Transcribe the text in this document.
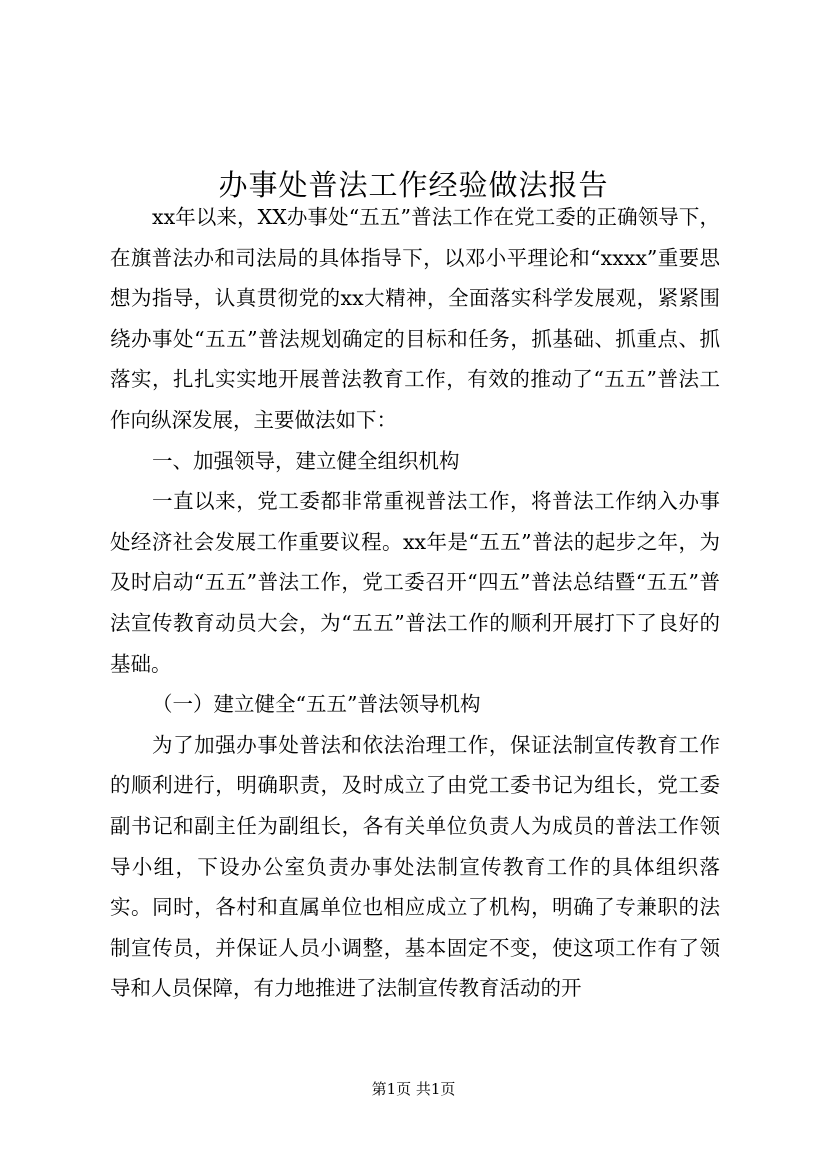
办事处普法工作经验做法报告

xx年以来，XX办事处“五五”普法工作在党工委的正确领导下，在旗普法办和司法局的具体指导下，以邓小平理论和“xxxx”重要思想为指导，认真贯彻党的xx大精神，全面落实科学发展观，紧紧围绕办事处“五五”普法规划确定的目标和任务，抓基础、抓重点、抓落实，扎扎实实地开展普法教育工作，有效的推动了“五五”普法工作向纵深发展，主要做法如下：

一、加强领导，建立健全组织机构

一直以来，党工委都非常重视普法工作，将普法工作纳入办事处经济社会发展工作重要议程。xx年是“五五”普法的起步之年，为及时启动“五五”普法工作，党工委召开“四五”普法总结暨“五五”普法宣传教育动员大会，为“五五”普法工作的顺利开展打下了良好的基础。

（一）建立健全“五五”普法领导机构

为了加强办事处普法和依法治理工作，保证法制宣传教育工作的顺利进行，明确职责，及时成立了由党工委书记为组长，党工委副书记和副主任为副组长，各有关单位负责人为成员的普法工作领导小组，下设办公室负责办事处法制宣传教育工作的具体组织落实。同时，各村和直属单位也相应成立了机构，明确了专兼职的法制宣传员，并保证人员小调整，基本固定不变，使这项工作有了领导和人员保障，有力地推进了法制宣传教育活动的开

第1页 共1页
